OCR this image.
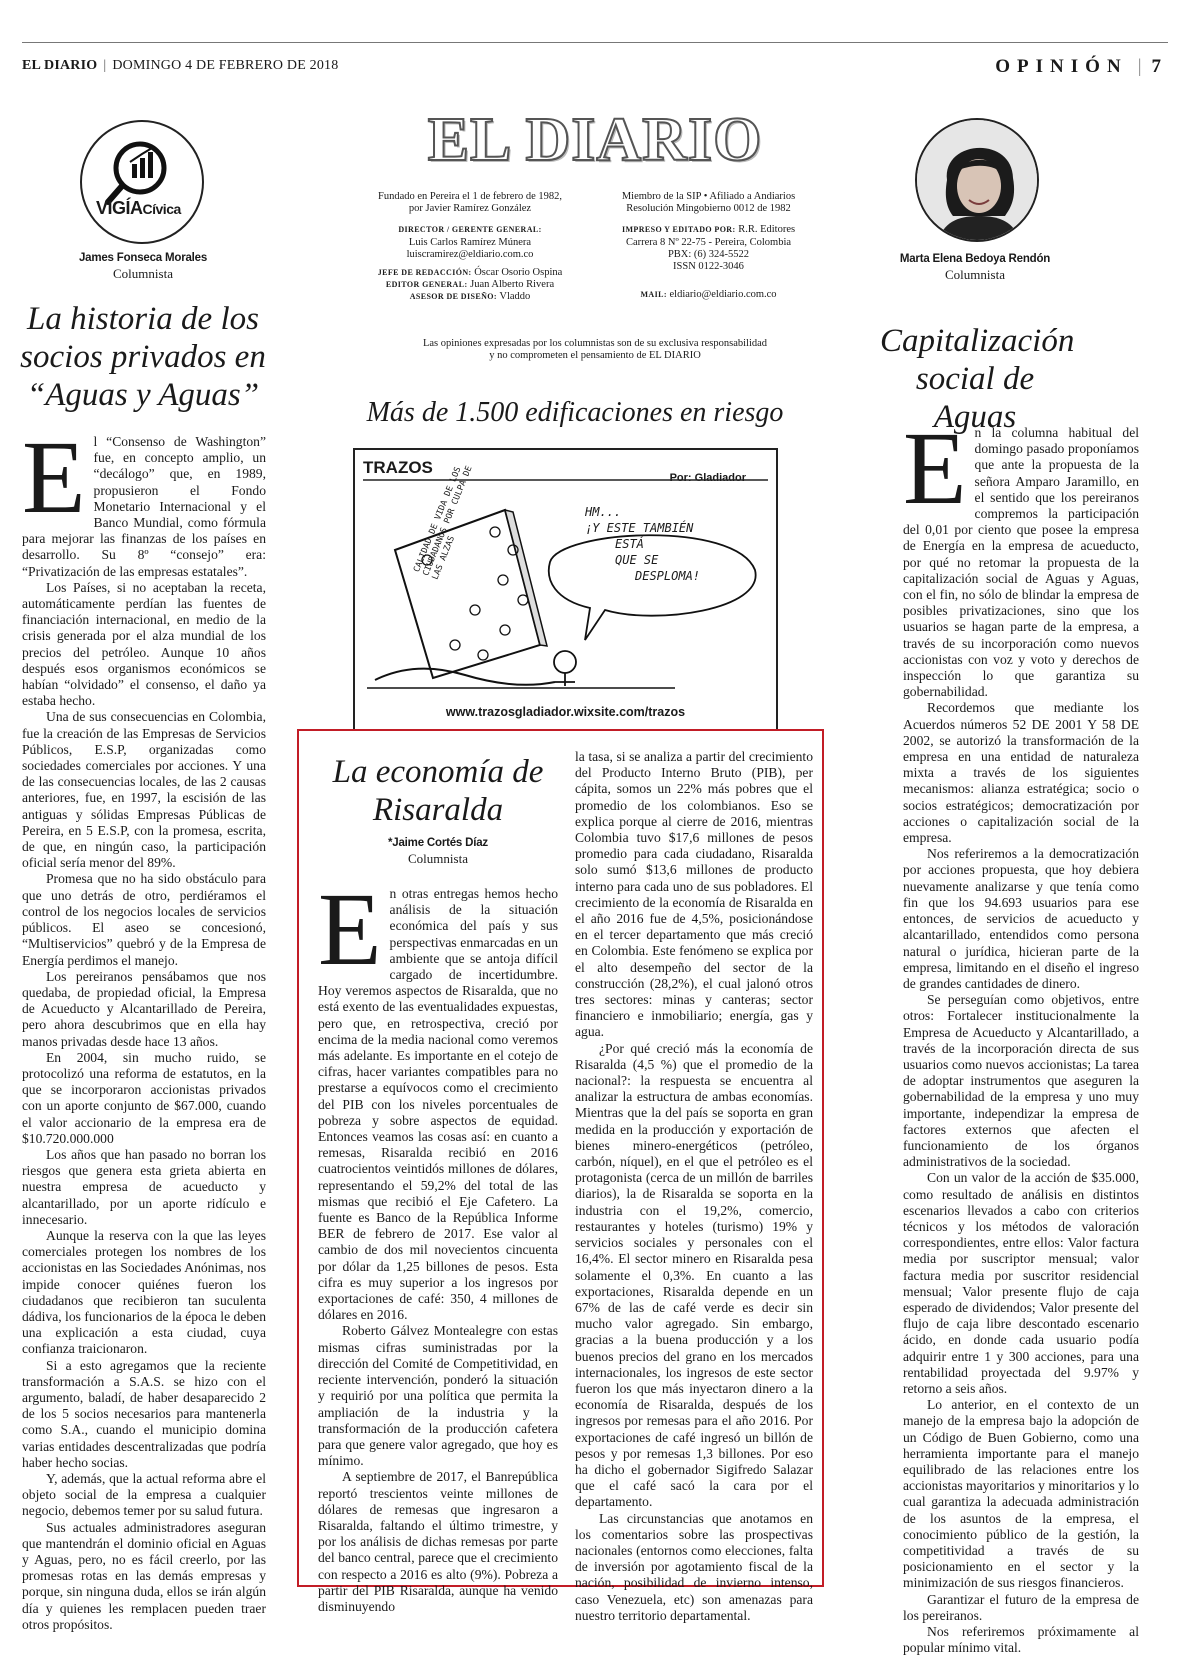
EL DIARIO | DOMINGO 4 DE FEBRERO DE 2018	OPINIÓN | 7
VIGÍACívica
James Fonseca Morales
Columnista
La historia de los socios privados en “Aguas y Aguas”
E l “Consenso de Washington” fue, en concepto amplio, un “decálogo” que, en 1989, propusieron el Fondo Monetario Internacional y el Banco Mundial, como fórmula para mejorar las finanzas de los países en desarrollo. Su 8º “consejo” era: “Privatización de las empresas estatales”.

Los Países, si no aceptaban la receta, automáticamente perdían las fuentes de financiación internacional, en medio de la crisis generada por el alza mundial de los precios del petróleo. Aunque 10 años después esos organismos económicos se habían “olvidado” el consenso, el daño ya estaba hecho.

Una de sus consecuencias en Colombia, fue la creación de las Empresas de Servicios Públicos, E.S.P, organizadas como sociedades comerciales por acciones. Y una de las consecuencias locales, de las 2 causas anteriores, fue, en 1997, la escisión de las antiguas y sólidas Empresas Públicas de Pereira, en 5 E.S.P, con la promesa, escrita, de que, en ningún caso, la participación oficial sería menor del 89%.

Promesa que no ha sido obstáculo para que uno detrás de otro, perdiéramos el control de los negocios locales de servicios públicos. El aseo se concesionó, “Multiservicios” quebró y de la Empresa de Energía perdimos el manejo.

Los pereiranos pensábamos que nos quedaba, de propiedad oficial, la Empresa de Acueducto y Alcantarillado de Pereira, pero ahora descubrimos que en ella hay manos privadas desde hace 13 años.

En 2004, sin mucho ruido, se protocolizó una reforma de estatutos, en la que se incorporaron accionistas privados con un aporte conjunto de $67.000, cuando el valor accionario de la empresa era de $10.720.000.000

Los años que han pasado no borran los riesgos que genera esta grieta abierta en nuestra empresa de acueducto y alcantarillado, por un aporte ridículo e innecesario.

Aunque la reserva con la que las leyes comerciales protegen los nombres de los accionistas en las Sociedades Anónimas, nos impide conocer quiénes fueron los ciudadanos que recibieron tan suculenta dádiva, los funcionarios de la época le deben una explicación a esta ciudad, cuya confianza traicionaron.

Si a esto agregamos que la reciente transformación a S.A.S. se hizo con el argumento, baladí, de haber desaparecido 2 de los 5 socios necesarios para mantenerla como S.A., cuando el municipio domina varias entidades descentralizadas que podría haber hecho socias.

Y, además, que la actual reforma abre el objeto social de la empresa a cualquier negocio, debemos temer por su salud futura.

Sus actuales administradores aseguran que mantendrán el dominio oficial en Aguas y Aguas, pero, no es fácil creerlo, por las promesas rotas en las demás empresas y porque, sin ninguna duda, ellos se irán algún día y quienes les remplacen pueden traer otros propósitos.

EL DIARIO
Fundado en Pereira el 1 de febrero de 1982,
por Javier Ramírez González
DIRECTOR / GERENTE GENERAL:
Luis Carlos Ramírez Múnera
luiscramirez@eldiario.com.co
JEFE DE REDACCIÓN: Óscar Osorio Ospina
EDITOR GENERAL: Juan Alberto Rivera
ASESOR DE DISEÑO: Vladdo
Miembro de la SIP • Afiliado a Andiarios
Resolución Mingobierno 0012 de 1982
IMPRESO Y EDITADO POR: R.R. Editores
Carrera 8 Nº 22-75 - Pereira, Colombia
PBX: (6) 324-5522
ISSN 0122-3046
MAIL: eldiario@eldiario.com.co
Las opiniones expresadas por los columnistas son de su exclusiva responsabilidad
y no comprometen el pensamiento de EL DIARIO
Más de 1.500 edificaciones en riesgo
TRAZOS
Por: Gladiador
CALIDAD DE VIDA DE LOS CIUDADANOS POR CULPA DE LAS ALZAS
HM...
¡Y ESTE TAMBIÉN
ESTÁ
QUE SE
DESPLOMA!
www.trazosgladiador.wixsite.com/trazos
La economía de Risaralda
*Jaime Cortés Díaz
Columnista
E n otras entregas hemos hecho análisis de la situación económica del país y sus perspectivas enmarcadas en un ambiente que se antoja difícil cargado de incertidumbre. Hoy veremos aspectos de Risaralda, que no está exento de las eventualidades expuestas, pero que, en retrospectiva, creció por encima de la media nacional como veremos más adelante. Es importante en el cotejo de cifras, hacer variantes compatibles para no prestarse a equívocos como el crecimiento del PIB con los niveles porcentuales de pobreza y sobre aspectos de equidad. Entonces veamos las cosas así: en cuanto a remesas, Risaralda recibió en 2016 cuatrocientos veintidós millones de dólares, representando el 59,2% del total de las mismas que recibió el Eje Cafetero. La fuente es Banco de la República Informe BER de febrero de 2017. Ese valor al cambio de dos mil novecientos cincuenta por dólar da 1,25 billones de pesos. Esta cifra es muy superior a los ingresos por exportaciones de café: 350, 4 millones de dólares en 2016.

Roberto Gálvez Montealegre con estas mismas cifras suministradas por la dirección del Comité de Competitividad, en reciente intervención, ponderó la situación y requirió por una política que permita la ampliación de la industria y la transformación de la producción cafetera para que genere valor agregado, que hoy es mínimo.

A septiembre de 2017, el Banrepública reportó trescientos veinte millones de dólares de remesas que ingresaron a Risaralda, faltando el último trimestre, y por los análisis de dichas remesas por parte del banco central, parece que el crecimiento con respecto a 2016 es alto (9%). Pobreza a partir del PIB Risaralda, aunque ha venido disminuyendo

la tasa, si se analiza a partir del crecimiento del Producto Interno Bruto (PIB), per cápita, somos un 22% más pobres que el promedio de los colombianos. Eso se explica porque al cierre de 2016, mientras Colombia tuvo $17,6 millones de pesos promedio para cada ciudadano, Risaralda solo sumó $13,6 millones de producto interno para cada uno de sus pobladores. El crecimiento de la economía de Risaralda en el año 2016 fue de 4,5%, posicionándose en el tercer departamento que más creció en Colombia. Este fenómeno se explica por el alto desempeño del sector de la construcción (28,2%), el cual jalonó otros tres sectores: minas y canteras; sector financiero e inmobiliario; energía, gas y agua.

¿Por qué creció más la economía de Risaralda (4,5 %) que el promedio de la nacional?: la respuesta se encuentra al analizar la estructura de ambas economías. Mientras que la del país se soporta en gran medida en la producción y exportación de bienes minero-energéticos (petróleo, carbón, níquel), en el que el petróleo es el protagonista (cerca de un millón de barriles diarios), la de Risaralda se soporta en la industria con el 19,2%, comercio, restaurantes y hoteles (turismo) 19% y servicios sociales y personales con el 16,4%. El sector minero en Risaralda pesa solamente el 0,3%. En cuanto a las exportaciones, Risaralda depende en un 67% de las de café verde es decir sin mucho valor agregado. Sin embargo, gracias a la buena producción y a los buenos precios del grano en los mercados internacionales, los ingresos de este sector fueron los que más inyectaron dinero a la economía de Risaralda, después de los ingresos por remesas para el año 2016. Por exportaciones de café ingresó un billón de pesos y por remesas 1,3 billones. Por eso ha dicho el gobernador Sigifredo Salazar que el café sacó la cara por el departamento.

Las circunstancias que anotamos en los comentarios sobre las prospectivas nacionales (entornos como elecciones, falta de inversión por agotamiento fiscal de la nación, posibilidad de invierno intenso, caso Venezuela, etc) son amenazas para nuestro territorio departamental.

Marta Elena Bedoya Rendón
Columnista
Capitalización social de Aguas
E n la columna habitual del domingo pasado proponíamos que ante la propuesta de la señora Amparo Jaramillo, en el sentido que los pereiranos compremos la participación del 0,01 por ciento que posee la empresa de Energía en la empresa de acueducto, por qué no retomar la propuesta de la capitalización social de Aguas y Aguas, con el fin, no sólo de blindar la empresa de posibles privatizaciones, sino que los usuarios se hagan parte de la empresa, a través de su incorporación como nuevos accionistas con voz y voto y derechos de inspección lo que garantiza su gobernabilidad.

Recordemos que mediante los Acuerdos números 52 DE 2001 Y 58 DE 2002, se autorizó la transformación de la empresa en una entidad de naturaleza mixta a través de los siguientes mecanismos: alianza estratégica; socio o socios estratégicos; democratización por acciones o capitalización social de la empresa.

Nos referiremos a la democratización por acciones propuesta, que hoy debiera nuevamente analizarse y que tenía como fin que los 94.693 usuarios para ese entonces, de servicios de acueducto y alcantarillado, entendidos como persona natural o jurídica, hicieran parte de la empresa, limitando en el diseño el ingreso de grandes cantidades de dinero.

Se perseguían como objetivos, entre otros: Fortalecer institucionalmente la Empresa de Acueducto y Alcantarillado, a través de la incorporación directa de sus usuarios como nuevos accionistas; La tarea de adoptar instrumentos que aseguren la gobernabilidad de la empresa y uno muy importante, independizar la empresa de factores externos que afecten el funcionamiento de los órganos administrativos de la sociedad.

Con un valor de la acción de $35.000, como resultado de análisis en distintos escenarios llevados a cabo con criterios técnicos y los métodos de valoración correspondientes, entre ellos: Valor factura media por suscriptor mensual; valor factura media por suscritor residencial mensual; Valor presente flujo de caja esperado de dividendos; Valor presente del flujo de caja libre descontado escenario ácido, en donde cada usuario podía adquirir entre 1 y 300 acciones, para una rentabilidad proyectada del 9.97% y retorno a seis años.

Lo anterior, en el contexto de un manejo de la empresa bajo la adopción de un Código de Buen Gobierno, como una herramienta importante para el manejo equilibrado de las relaciones entre los accionistas mayoritarios y minoritarios y lo cual garantiza la adecuada administración de los asuntos de la empresa, el conocimiento público de la gestión, la competitividad a través de su posicionamiento en el sector y la minimización de sus riesgos financieros.

Garantizar el futuro de la empresa de los pereiranos.

Nos referiremos próximamente al popular mínimo vital.
